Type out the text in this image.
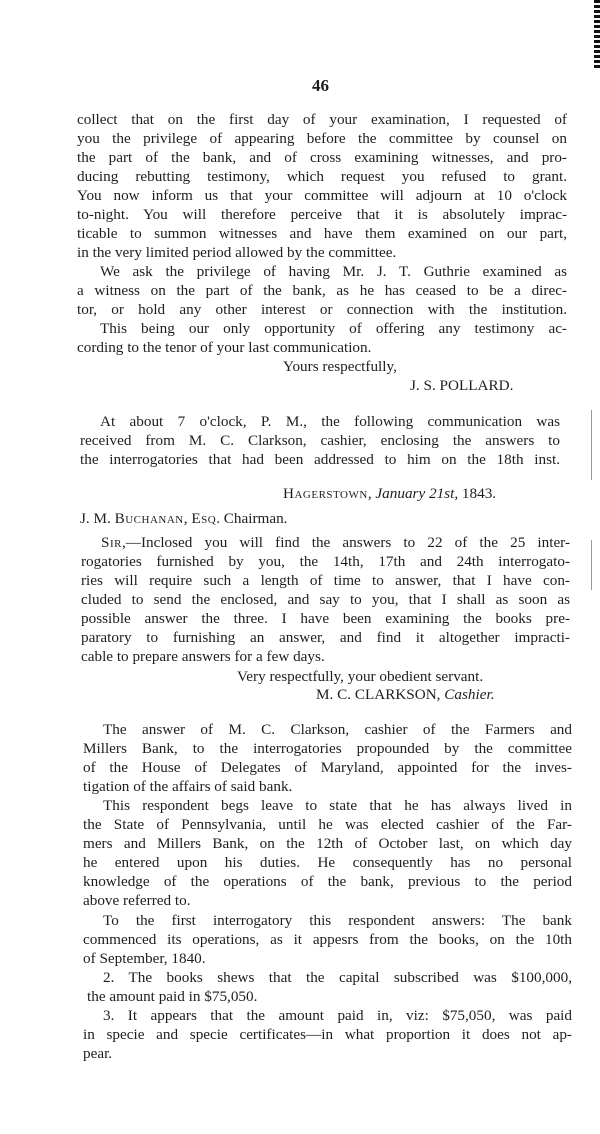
46
collect that on the first day of your examination, I requested of
you the privilege of appearing before the committee by counsel on
the part of the bank, and of cross examining witnesses, and pro-
ducing rebutting testimony, which request you refused to grant.
You now inform us that your committee will adjourn at 10 o'clock
to-night. You will therefore perceive that it is absolutely imprac-
ticable to summon witnesses and have them examined on our part,
in the very limited period allowed by the committee.
We ask the privilege of having Mr. J. T. Guthrie examined as
a witness on the part of the bank, as he has ceased to be a direc-
tor, or hold any other interest or connection with the institution.
This being our only opportunity of offering any testimony ac-
cording to the tenor of your last communication.
Yours respectfully,
J. S. POLLARD.
At about 7 o'clock, P. M., the following communication was
received from M. C. Clarkson, cashier, enclosing the answers to
the interrogatories that had been addressed to him on the 18th inst.
Hagerstown, January 21st, 1843.
J. M. Buchanan, Esq. Chairman.
Sir,—Inclosed you will find the answers to 22 of the 25 inter-
rogatories furnished by you, the 14th, 17th and 24th interrogato-
ries will require such a length of time to answer, that I have con-
cluded to send the enclosed, and say to you, that I shall as soon as
possible answer the three. I have been examining the books pre-
paratory to furnishing an answer, and find it altogether impracti-
cable to prepare answers for a few days.
Very respectfully, your obedient servant.
M. C. CLARKSON, Cashier.
The answer of M. C. Clarkson, cashier of the Farmers and
Millers Bank, to the interrogatories propounded by the committee
of the House of Delegates of Maryland, appointed for the inves-
tigation of the affairs of said bank.
This respondent begs leave to state that he has always lived in
the State of Pennsylvania, until he was elected cashier of the Far-
mers and Millers Bank, on the 12th of October last, on which day
he entered upon his duties. He consequently has no personal
knowledge of the operations of the bank, previous to the period
above referred to.
To the first interrogatory this respondent answers: The bank
commenced its operations, as it appesrs from the books, on the 10th
of September, 1840.
2. The books shews that the capital subscribed was $100,000,
the amount paid in $75,050.
3. It appears that the amount paid in, viz: $75,050, was paid
in specie and specie certificates—in what proportion it does not ap-
pear.
